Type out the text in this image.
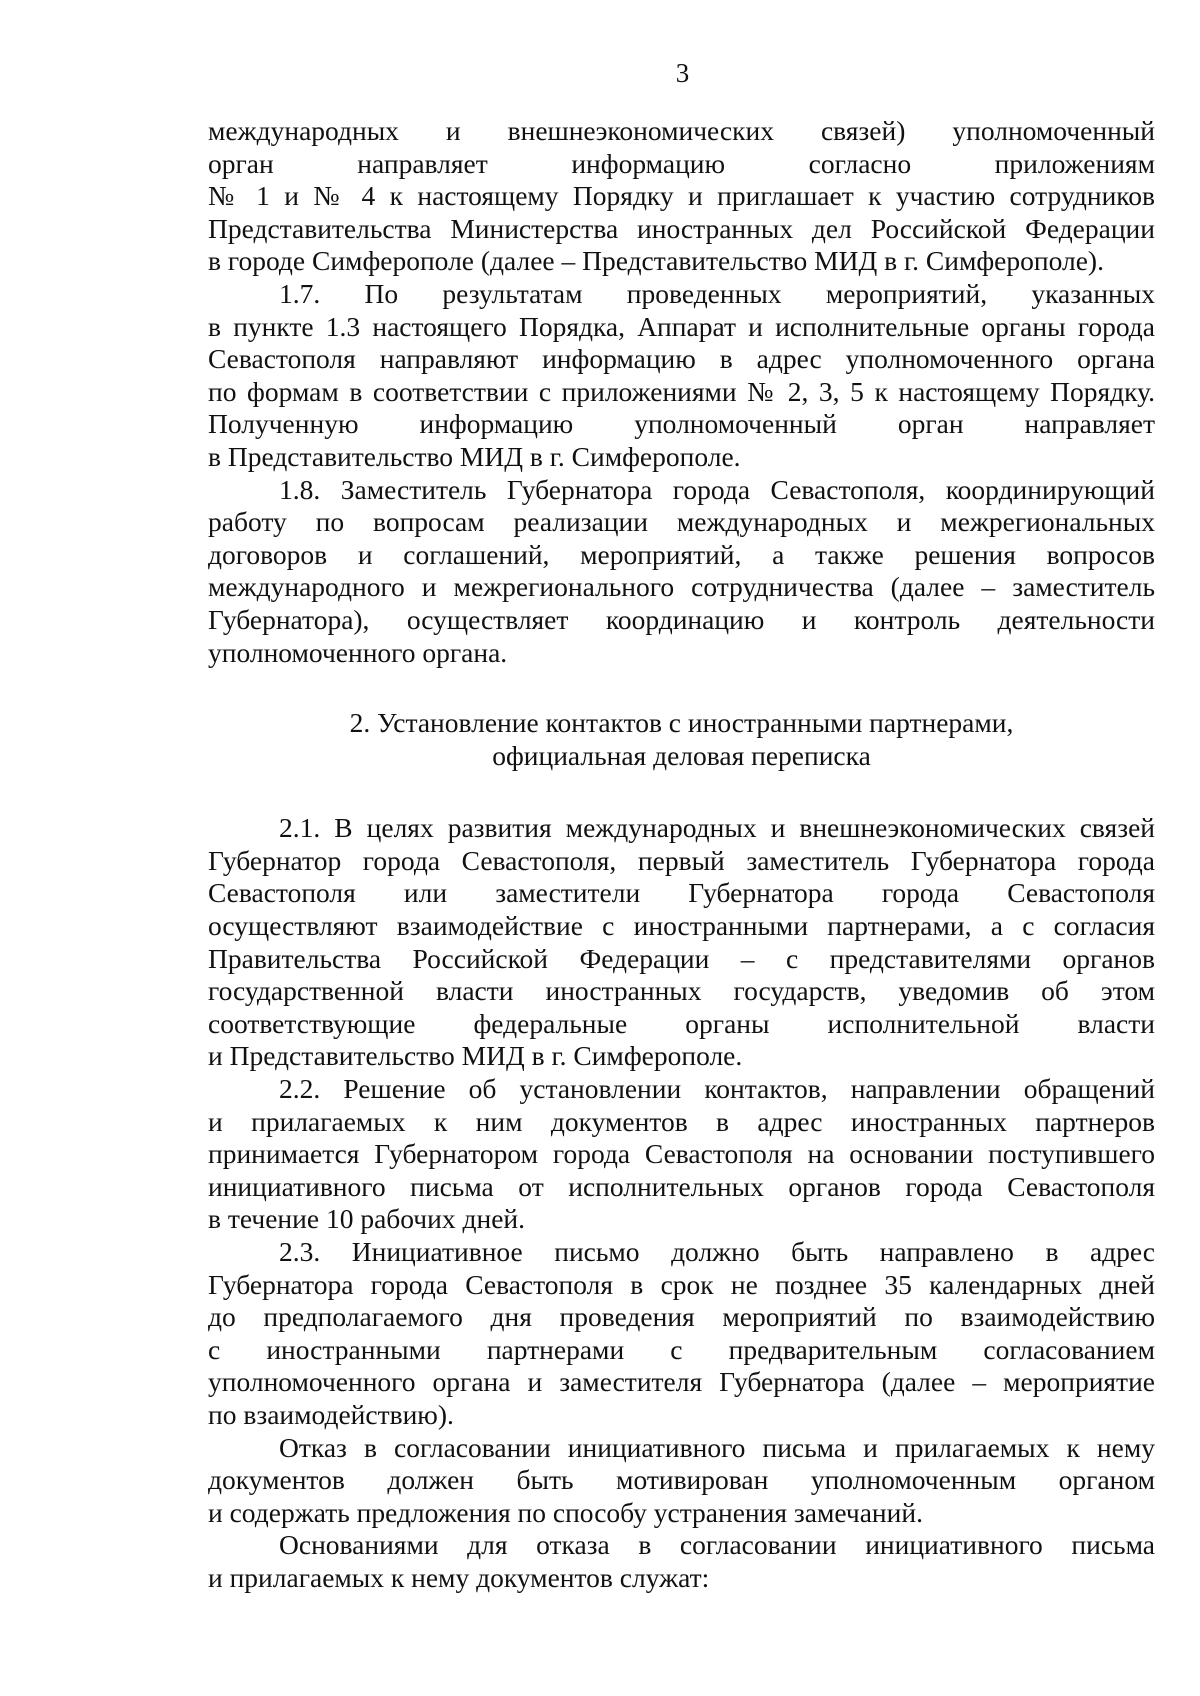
3
международных и внешнеэкономических связей) уполномоченный
орган направляет информацию согласно приложениям
№ 1 и № 4 к настоящему Порядку и приглашает к участию сотрудников
Представительства Министерства иностранных дел Российской Федерации
в городе Симферополе (далее – Представительство МИД в г. Симферополе).
1.7. По результатам проведенных мероприятий, указанных
в пункте 1.3 настоящего Порядка, Аппарат и исполнительные органы города
Севастополя направляют информацию в адрес уполномоченного органа
по формам в соответствии с приложениями № 2, 3, 5 к настоящему Порядку.
Полученную информацию уполномоченный орган направляет
в Представительство МИД в г. Симферополе.
1.8. Заместитель Губернатора города Севастополя, координирующий
работу по вопросам реализации международных и межрегиональных
договоров и соглашений, мероприятий, а также решения вопросов
международного и межрегионального сотрудничества (далее – заместитель
Губернатора), осуществляет координацию и контроль деятельности
уполномоченного органа.
2. Установление контактов с иностранными партнерами,
официальная деловая переписка
2.1. В целях развития международных и внешнеэкономических связей
Губернатор города Севастополя, первый заместитель Губернатора города
Севастополя или заместители Губернатора города Севастополя
осуществляют взаимодействие с иностранными партнерами, а с согласия
Правительства Российской Федерации – с представителями органов
государственной власти иностранных государств, уведомив об этом
соответствующие федеральные органы исполнительной власти
и Представительство МИД в г. Симферополе.
2.2. Решение об установлении контактов, направлении обращений
и прилагаемых к ним документов в адрес иностранных партнеров
принимается Губернатором города Севастополя на основании поступившего
инициативного письма от исполнительных органов города Севастополя
в течение 10 рабочих дней.
2.3. Инициативное письмо должно быть направлено в адрес
Губернатора города Севастополя в срок не позднее 35 календарных дней
до предполагаемого дня проведения мероприятий по взаимодействию
с иностранными партнерами с предварительным согласованием
уполномоченного органа и заместителя Губернатора (далее – мероприятие
по взаимодействию).
Отказ в согласовании инициативного письма и прилагаемых к нему
документов должен быть мотивирован уполномоченным органом
и содержать предложения по способу устранения замечаний.
Основаниями для отказа в согласовании инициативного письма
и прилагаемых к нему документов служат:
